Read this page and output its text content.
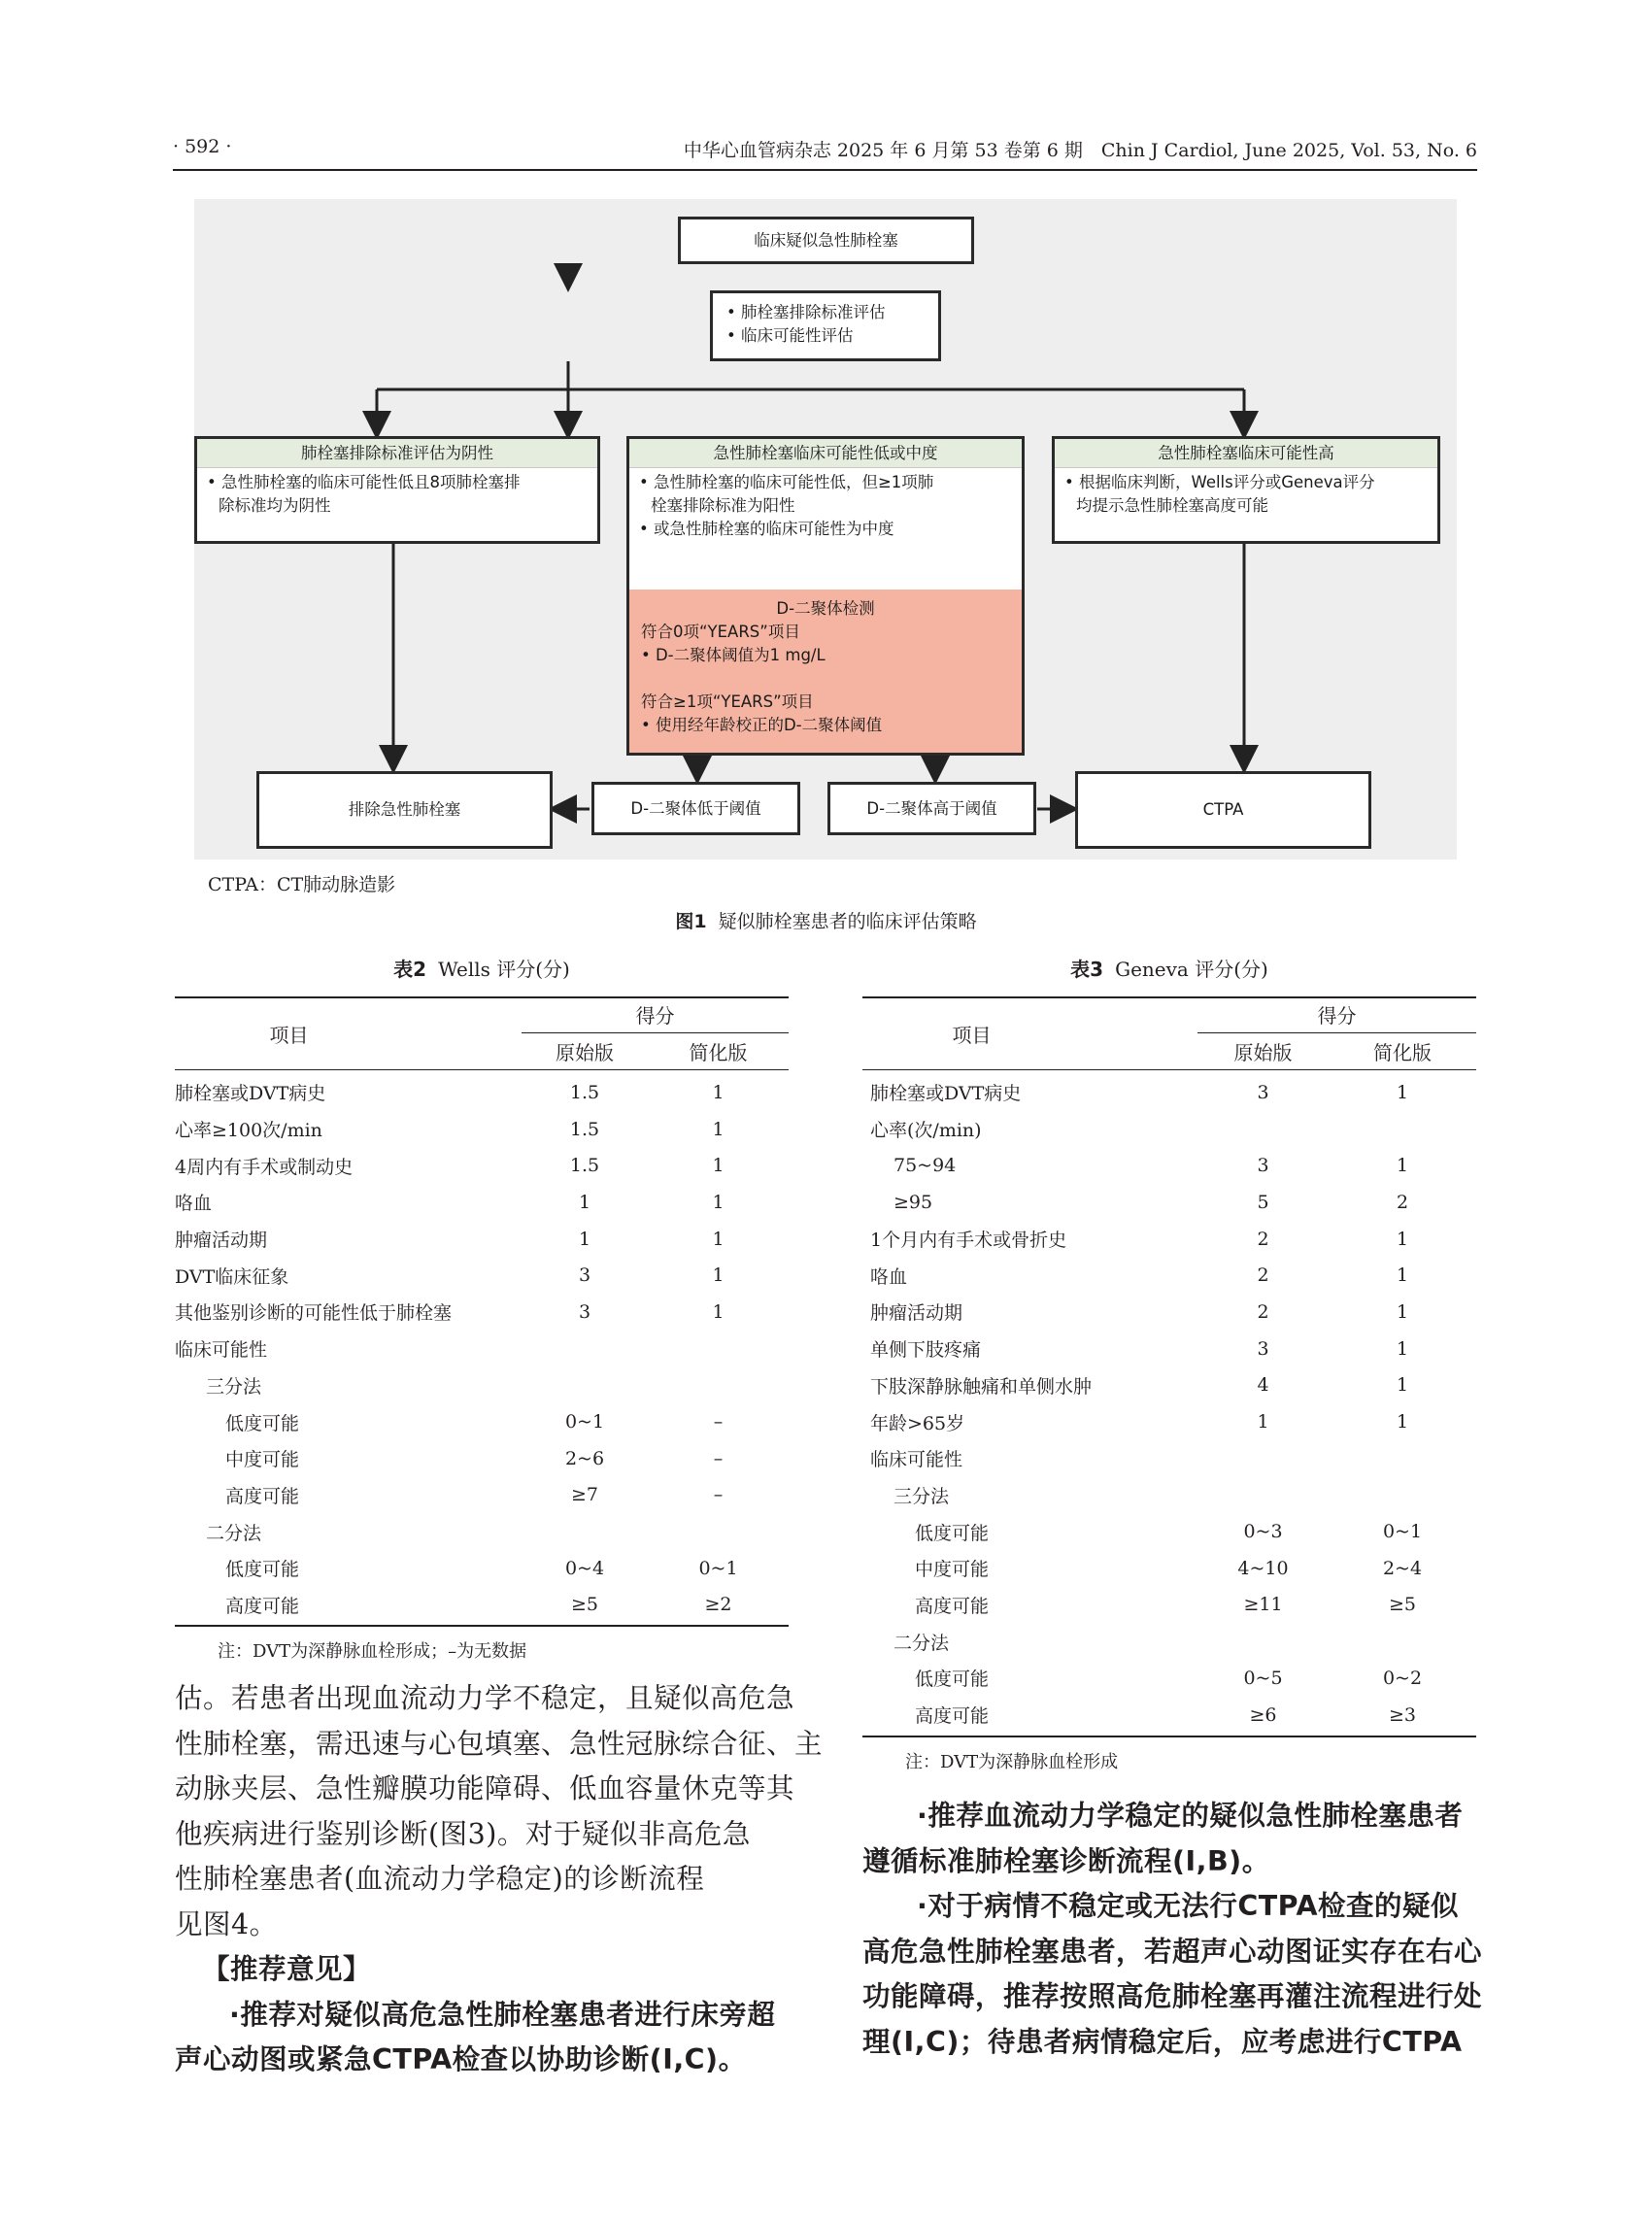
· 592 ·	中华心血管病杂志 2025 年 6 月第 53 卷第 6 期　Chin J Cardiol, June 2025, Vol. 53, No. 6
临床疑似急性肺栓塞
• 肺栓塞排除标准评估
• 临床可能性评估
肺栓塞排除标准评估为阴性
• 急性肺栓塞的临床可能性低且8项肺栓塞排
除标准均为阴性
急性肺栓塞临床可能性低或中度
• 急性肺栓塞的临床可能性低，但≥1项肺
栓塞排除标准为阳性
• 或急性肺栓塞的临床可能性为中度
D-二聚体检测
符合0项“YEARS”项目
• D-二聚体阈值为1 mg/L
符合≥1项“YEARS”项目
• 使用经年龄校正的D-二聚体阈值
急性肺栓塞临床可能性高
• 根据临床判断，Wells评分或Geneva评分
均提示急性肺栓塞高度可能
排除急性肺栓塞	D-二聚体低于阈值	D-二聚体高于阈值	CTPA
CTPA：CT肺动脉造影
图1 疑似肺栓塞患者的临床评估策略
表2 Wells 评分(分)
项目
得分
原始版	简化版
肺栓塞或DVT病史	1.5	1
心率≥100次/min	1.5	1
4周内有手术或制动史	1.5	1
咯血	1	1
肿瘤活动期	1	1
DVT临床征象	3	1
其他鉴别诊断的可能性低于肺栓塞	3	1
临床可能性		
三分法		
低度可能	0~1	–
中度可能	2~6	–
高度可能	≥7	–
二分法		
低度可能	0~4	0~1
高度可能	≥5	≥2
注：DVT为深静脉血栓形成；–为无数据
表3 Geneva 评分(分)
项目
得分
原始版	简化版
肺栓塞或DVT病史	3	1
心率(次/min)		
75~94	3	1
≥95	5	2
1个月内有手术或骨折史	2	1
咯血	2	1
肿瘤活动期	2	1
单侧下肢疼痛	3	1
下肢深静脉触痛和单侧水肿	4	1
年龄>65岁	1	1
临床可能性		
三分法		
低度可能	0~3	0~1
中度可能	4~10	2~4
高度可能	≥11	≥5
二分法		
低度可能	0~5	0~2
高度可能	≥6	≥3
注：DVT为深静脉血栓形成

估。若患者出现血流动力学不稳定，且疑似高危急

性肺栓塞，需迅速与心包填塞、急性冠脉综合征、主

动脉夹层、急性瓣膜功能障碍、低血容量休克等其

他疾病进行鉴别诊断(图3)。对于疑似非高危急

性肺栓塞患者(血流动力学稳定)的诊断流程

见图4。

【推荐意见】

·推荐对疑似高危急性肺栓塞患者进行床旁超

声心动图或紧急CTPA检查以协助诊断(Ⅰ,C)。

·推荐血流动力学稳定的疑似急性肺栓塞患者

遵循标准肺栓塞诊断流程(Ⅰ,B)。

·对于病情不稳定或无法行CTPA检查的疑似

高危急性肺栓塞患者，若超声心动图证实存在右心

功能障碍，推荐按照高危肺栓塞再灌注流程进行处

理(Ⅰ,C)；待患者病情稳定后，应考虑进行CTPA
